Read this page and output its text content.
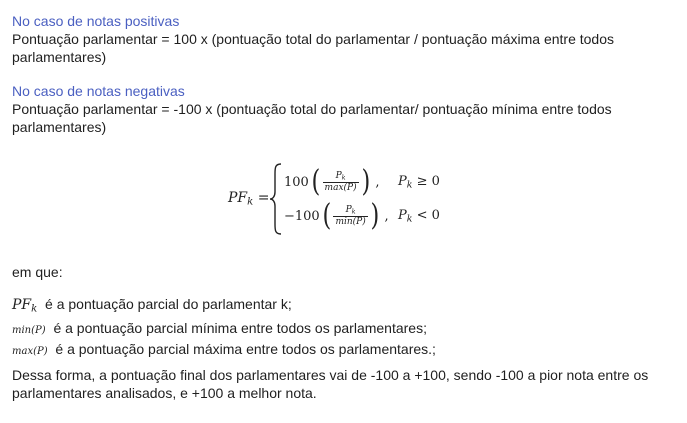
No caso de notas positivas
Pontuação parlamentar = 100 x (pontuação total do parlamentar / pontuação máxima entre todos parlamentares)
No caso de notas negativas
Pontuação parlamentar = -100 x (pontuação total do parlamentar/ pontuação mínima entre todos parlamentares)
$PF_k$ =
100 ( $\frac{P_k}{\max(P)}$ ) , $P_k \ge 0$
−100 ( $\frac{P_k}{\min(P)}$ ) , $P_k < 0$
em que:
$PF_k$ é a pontuação parcial do parlamentar k;
min(P) é a pontuação parcial mínima entre todos os parlamentares;
max(P) é a pontuação parcial máxima entre todos os parlamentares.;
Dessa forma, a pontuação final dos parlamentares vai de -100 a +100, sendo -100 a pior nota entre os parlamentares analisados, e +100 a melhor nota.
